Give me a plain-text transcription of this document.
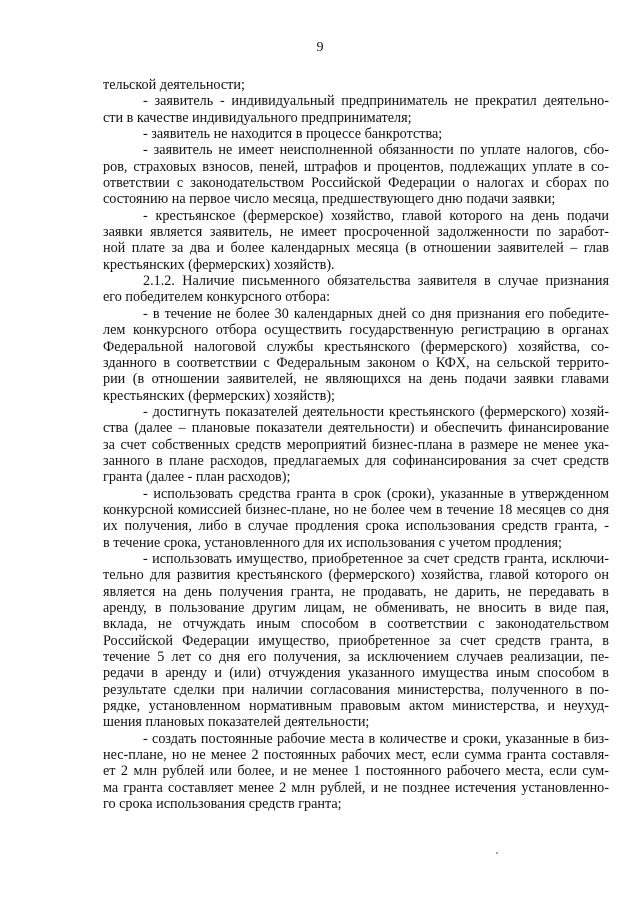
9
тельской деятельности;
- заявитель - индивидуальный предприниматель не прекратил деятельно-
сти в качестве индивидуального предпринимателя;
- заявитель не находится в процессе банкротства;
- заявитель не имеет неисполненной обязанности по уплате налогов, сбо-
ров, страховых взносов, пеней, штрафов и процентов, подлежащих уплате в со-
ответствии с законодательством Российской Федерации о налогах и сборах по
состоянию на первое число месяца, предшествующего дню подачи заявки;
- крестьянское (фермерское) хозяйство, главой которого на день подачи
заявки является заявитель, не имеет просроченной задолженности по заработ-
ной плате за два и более календарных месяца (в отношении заявителей – глав
крестьянских (фермерских) хозяйств).
2.1.2. Наличие письменного обязательства заявителя в случае признания
его победителем конкурсного отбора:
- в течение не более 30 календарных дней со дня признания его победите-
лем конкурсного отбора осуществить государственную регистрацию в органах
Федеральной налоговой службы крестьянского (фермерского) хозяйства, со-
зданного в соответствии с Федеральным законом о КФХ, на сельской террито-
рии (в отношении заявителей, не являющихся на день подачи заявки главами
крестьянских (фермерских) хозяйств);
- достигнуть показателей деятельности крестьянского (фермерского) хозяй-
ства (далее – плановые показатели деятельности) и обеспечить финансирование
за счет собственных средств мероприятий бизнес-плана в размере не менее ука-
занного в плане расходов, предлагаемых для софинансирования за счет средств
гранта (далее - план расходов);
- использовать средства гранта в срок (сроки), указанные в утвержденном
конкурсной комиссией бизнес-плане, но не более чем в течение 18 месяцев со дня
их получения, либо в случае продления срока использования средств гранта, -
в течение срока, установленного для их использования с учетом продления;
- использовать имущество, приобретенное за счет средств гранта, исключи-
тельно для развития крестьянского (фермерского) хозяйства, главой которого он
является на день получения гранта, не продавать, не дарить, не передавать в
аренду, в пользование другим лицам, не обменивать, не вносить в виде пая,
вклада, не отчуждать иным способом в соответствии с законодательством
Российской Федерации имущество, приобретенное за счет средств гранта, в
течение 5 лет со дня его получения, за исключением случаев реализации, пе-
редачи в аренду и (или) отчуждения указанного имущества иным способом в
результате сделки при наличии согласования министерства, полученного в по-
рядке, установленном нормативным правовым актом министерства, и неухуд-
шения плановых показателей деятельности;
- создать постоянные рабочие места в количестве и сроки, указанные в биз-
нес-плане, но не менее 2 постоянных рабочих мест, если сумма гранта составля-
ет 2 млн рублей или более, и не менее 1 постоянного рабочего места, если сум-
ма гранта составляет менее 2 млн рублей, и не позднее истечения установленно-
го срока использования средств гранта;
